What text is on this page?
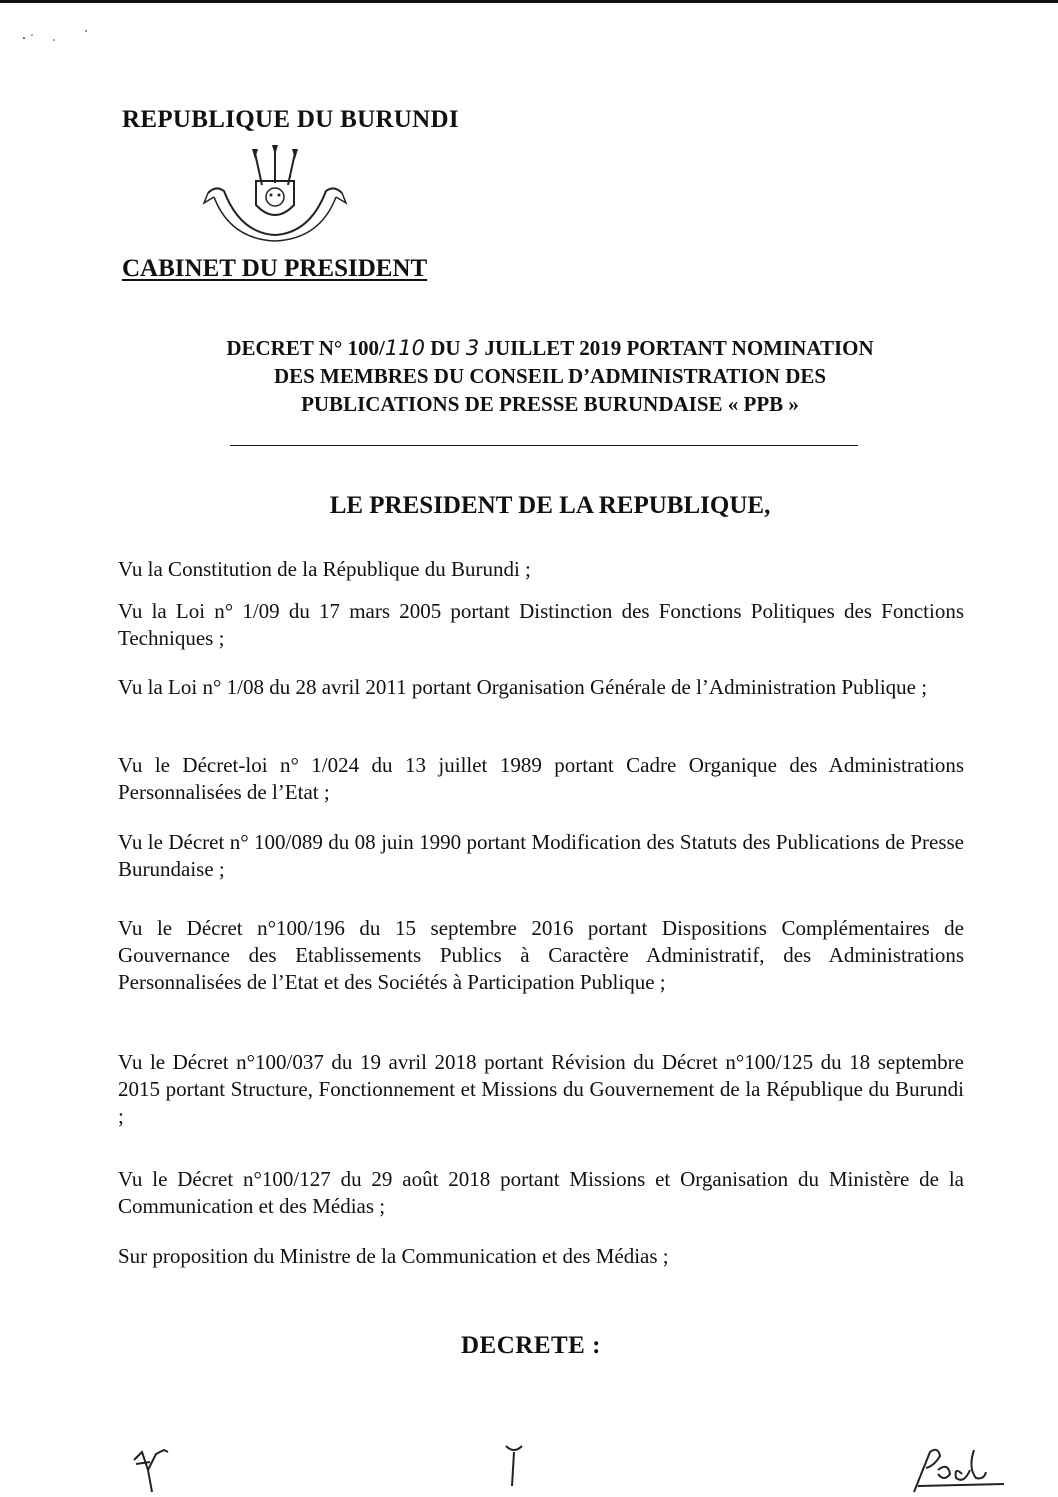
REPUBLIQUE DU BURUNDI
CABINET DU PRESIDENT
DECRET N° 100/110 DU 3 JUILLET 2019 PORTANT NOMINATION
DES MEMBRES DU CONSEIL D’ADMINISTRATION DES
PUBLICATIONS DE PRESSE BURUNDAISE « PPB »
LE PRESIDENT DE LA REPUBLIQUE,

Vu la Constitution de la République du Burundi ;

Vu la Loi n° 1/09 du 17 mars 2005 portant Distinction des Fonctions Politiques des Fonctions Techniques ;

Vu la Loi n° 1/08 du 28 avril 2011 portant Organisation Générale de l’Administration Publique ;

Vu le Décret-loi n° 1/024 du 13 juillet 1989 portant Cadre Organique des Administrations Personnalisées de l’Etat ;

Vu le Décret n° 100/089 du 08 juin 1990 portant Modification des Statuts des Publications de Presse Burundaise ;

Vu le Décret n°100/196 du 15 septembre 2016 portant Dispositions Complémentaires de Gouvernance des Etablissements Publics à Caractère Administratif, des Administrations Personnalisées de l’Etat et des Sociétés à Participation Publique ;

Vu le Décret n°100/037 du 19 avril 2018 portant Révision du Décret n°100/125 du 18 septembre 2015 portant Structure, Fonctionnement et Missions du Gouvernement de la République du Burundi ;

Vu le Décret n°100/127 du 29 août 2018 portant Missions et Organisation du Ministère de la Communication et des Médias ;

Sur proposition du Ministre de la Communication et des Médias ;

DECRETE :
